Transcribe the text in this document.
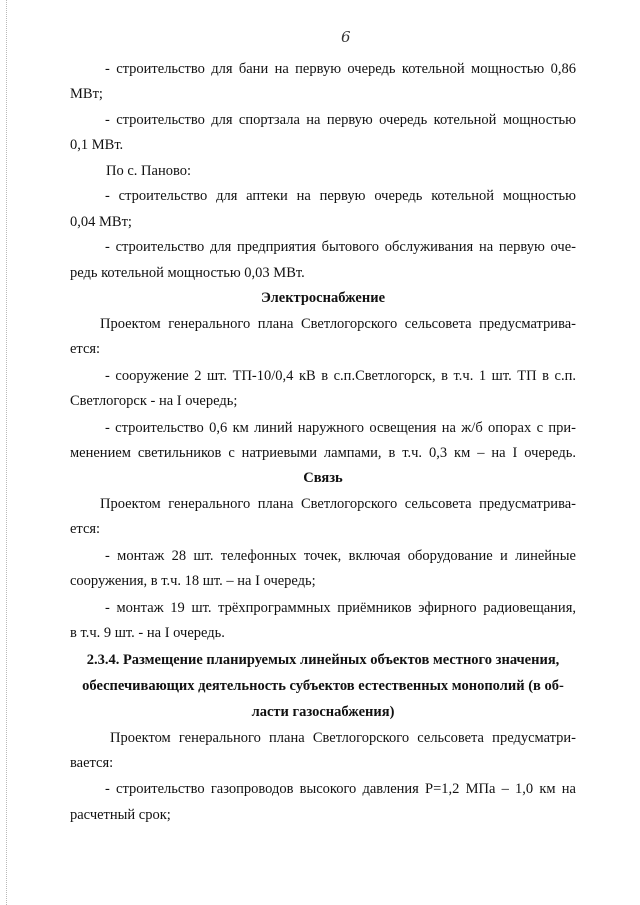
6
- строительство для бани на первую очередь котельной мощностью 0,86
МВт;
- строительство для спортзала на первую очередь котельной мощностью
0,1 МВт.
По с. Паново:
- строительство для аптеки на первую очередь котельной мощностью
0,04 МВт;
- строительство для предприятия бытового обслуживания на первую оче-
редь котельной мощностью 0,03 МВт.
Электроснабжение
Проектом генерального плана Светлогорского сельсовета предусматрива-
ется:
- сооружение 2 шт. ТП-10/0,4 кВ в с.п.Светлогорск, в т.ч. 1 шт. ТП в с.п.
Светлогорск - на I очередь;
- строительство 0,6 км линий наружного освещения на ж/б опорах с при-
менением светильников с натриевыми лампами, в т.ч. 0,3 км – на I очередь.
Связь
Проектом генерального плана Светлогорского сельсовета предусматрива-
ется:
- монтаж 28 шт. телефонных точек, включая оборудование и линейные
сооружения, в т.ч. 18 шт. – на I очередь;
- монтаж 19 шт. трёхпрограммных приёмников эфирного радиовещания,
в т.ч. 9 шт. - на I очередь.
2.3.4. Размещение планируемых линейных объектов местного значения,
обеспечивающих деятельность субъектов естественных монополий (в об-
ласти газоснабжения)
Проектом генерального плана Светлогорского сельсовета предусматри-
вается:
- строительство газопроводов высокого давления Р=1,2 МПа – 1,0 км на
расчетный срок;
